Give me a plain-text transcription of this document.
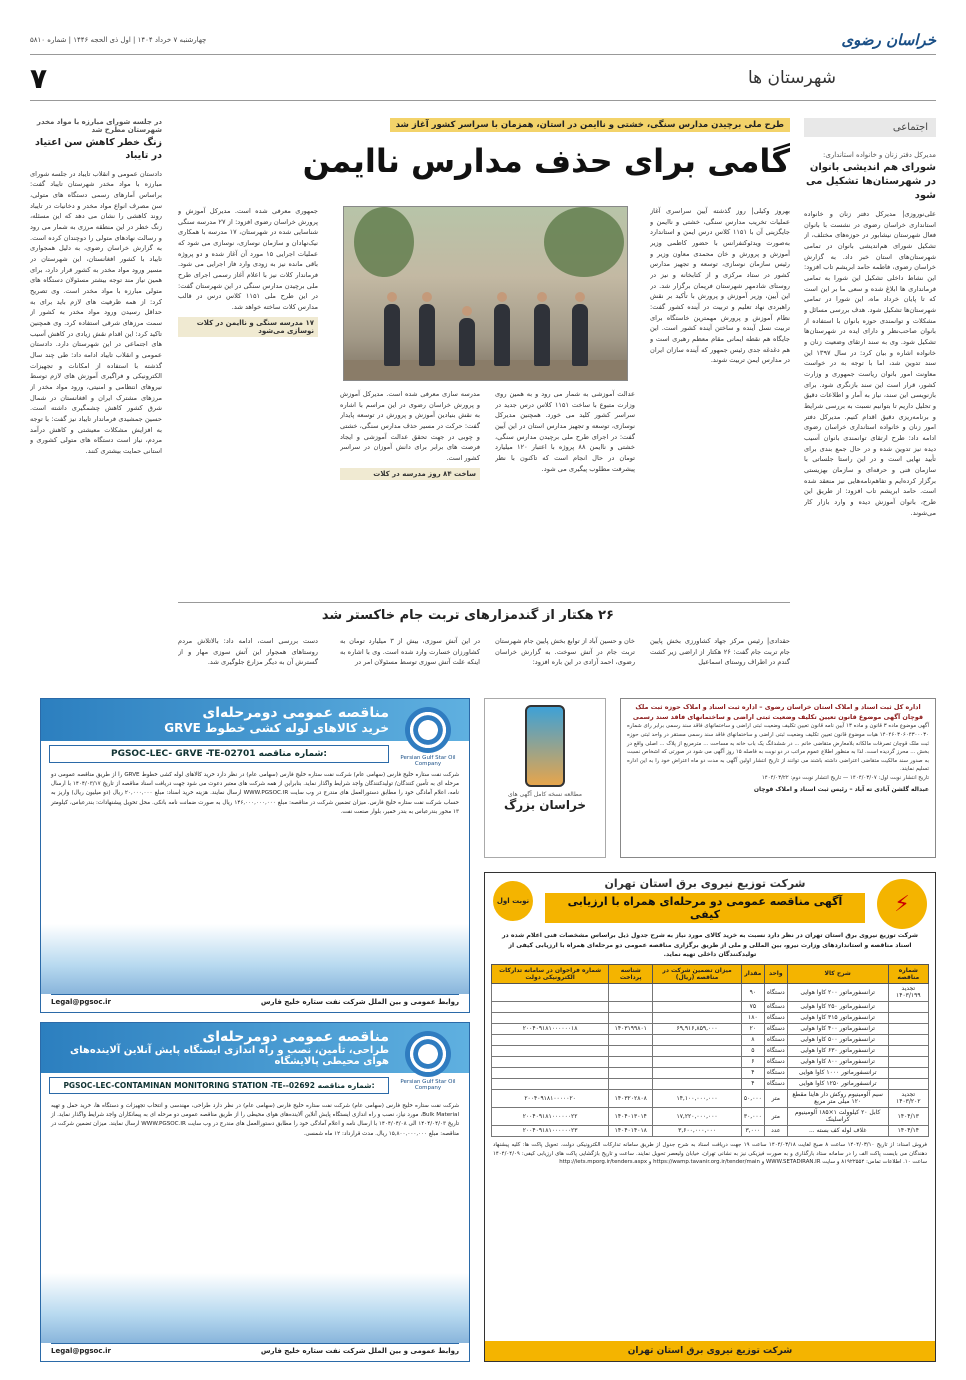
خراسان رضوی
چهارشنبه ۷ خرداد ۱۴۰۴ | اول ذی الحجه ۱۴۴۶ | شماره ۵۸۱۰
شهرستان ها
۷
اجتماعی
مدیرکل دفتر زنان و خانواده استانداری:
شورای هم اندیشی بانوان در شهرستان‌ها تشکیل می شود

علی‌نوروزی| مدیرکل دفتر زنان و خانواده استانداری خراسان رضوی در نشست با بانوان فعال شهرستان نیشابور در حوزه‌های مختلف، از تشکیل شورای هم‌اندیشی بانوان در تمامی شهرستان‌های استان خبر داد. به گزارش خراسان رضوی، فاطمه حامد ابریشم تاب افزود: این نشاط داخلی تشکیل این شورا به تمامی فرمانداری ها ابلاغ شده و سعی ما بر این است که تا پایان خرداد ماه، این شورا در تمامی شهرستان‌ها تشکیل شود. هدف بررسی مسائل و مشکلات و توانمندی حوزه بانوان با استفاده از بانوان صاحب‌نظر و دارای ایده در شهرستان‌ها تشکیل شود. وی به سند ارتقای وضعیت زنان و خانواده اشاره و بیان کرد: در سال ۱۳۹۷ این سند تدوین شد، اما با توجه به در خواست معاونت امور بانوان ریاست جمهوری و وزارت کشور، قرار است این سند بازنگری شود. برای بازنویسی این سند، نیاز به آمار و اطلاعات دقیق و تحلیل داریم تا بتوانیم نسبت به بررسی شرایط و برنامه‌ریزی دقیق اقدام کنیم. مدیرکل دفتر امور زنان و خانواده استانداری خراسان رضوی ادامه داد: طرح ارتقای توانمندی بانوان آسیب دیده نیز تدوین شده و در حال جمع بندی برای تأیید نهایی است و در این راستا جلساتی با سازمان فنی و حرفه‌ای و سازمان بهزیستی برگزار کرده‌ایم و تفاهم‌نامه‌هایی نیز منعقد شده است. حامد ابریشم تاب افزود: از طریق این طرح، بانوان آموزش دیده و وارد بازار کار می‌شوند.

در جلسه شورای مبارزه با مواد مخدر شهرستان مطرح شد
زنگ خطر کاهش سن اعتیاد در تایباد

دادستان عمومی و انقلاب تایباد در جلسه شورای مبارزه با مواد مخدر شهرستان تایباد گفت: براساس آمارهای رسمی دستگاه های متولی، سن مصرف انواع مواد مخدر و دخانیات در تایباد روند کاهشی را نشان می دهد که این مسئله، زنگ خطر در این منطقه مرزی به شمار می رود و رسالت نهادهای متولی را دوچندان کرده است. به گزارش خراسان رضوی، به دلیل همجواری تایباد با کشور افغانستان، این شهرستان در مسیر ورود مواد مخدر به کشور قرار دارد، برای همین نیاز مند توجه بیشتر مسئولان دستگاه های متولی مبارزه با مواد مخدر است. وی تصریح کرد: از همه ظرفیت های لازم باید برای به حداقل رسیدن ورود مواد مخدر به کشور از سمت مرزهای شرقی استفاده کرد. وی همچنین تاکید کرد: این اقدام نقش زیادی در کاهش آسیب های اجتماعی در این شهرستان دارد. دادستان عمومی و انقلاب تایباد ادامه داد: طی چند سال گذشته با استفاده از امکانات و تجهیزات الکترونیکی و فراگیری آموزش های لازم توسط نیروهای انتظامی و امنیتی، ورود مواد مخدر از مرزهای مشترک ایران و افغانستان در شمال شرق کشور کاهش چشمگیری داشته است. حسین جمشیدی فرماندار تایباد نیز گفت: با توجه به افزایش مشکلات معیشتی و کاهش درآمد مردم، نیاز است دستگاه های متولی کشوری و استانی حمایت بیشتری کنند.

طرح ملی برچیدن مدارس سنگی، خشتی و ناایمن در استان، همزمان با سراسر کشور آغاز شد
گامی برای حذف مدارس ناایمن

بهروز وکیلی| روز گذشته آیین سراسری آغاز عملیات تخریب مدارس سنگی، خشتی و ناایمن و جایگزینی آن با ۱۱۵۱ کلاس درس ایمن و استاندارد به‌صورت ویدئوکنفرانس با حضور کاظمی وزیر آموزش و پرورش و خان محمدی معاون وزیر و رئیس سازمان نوسازی، توسعه و تجهیز مدارس کشور در ستاد مرکزی و از کتابخانه و نیز در روستای شادمهر شهرستان فریمان برگزار شد. در این آیین، وزیر آموزش و پرورش با تأکید بر نقش راهبردی نهاد تعلیم و تربیت در آینده کشور گفت: نظام آموزش و پرورش مهمترین خاستگاه برای تربیت نسل آینده و ساختن آینده کشور است. این جایگاه هم نقطه ایمانی مقام معظم رهبری است و هم دغدغه جدی رئیس جمهور که آینده سازان ایران در مدارس ایمن تربیت شوند.

عدالت آموزشی به شمار می رود و به همین روی وزارت متبوع با ساخت ۱۱۵۱ کلاس درس جدید در سراسر کشور کلید می خورد. همچنین مدیرکل نوسازی، توسعه و تجهیز مدارس استان در این آیین گفت: در اجرای طرح ملی برچیدن مدارس سنگی، خشتی و ناایمن ۸۸ پروژه با اعتبار ۱۲۰ میلیارد تومان در حال انجام است که تاکنون با نظر پیشرفت مطلوب پیگیری می شود.

مدرسه سازی معرفی شده است. مدیرکل آموزش و پرورش خراسان رضوی در این مراسم با اشاره به نقش بنیادین آموزش و پرورش در توسعه پایدار گفت: حرکت در مسیر حذف مدارس سنگی، خشتی و چوبی در جهت تحقق عدالت آموزشی و ایجاد فرصت های برابر برای دانش آموزان در سراسر کشور است.

ساخت ۸۴ روز مدرسه در کلات

جمهوری معرفی شده است. مدیرکل آموزش و پرورش خراسان رضوی افزود: از ۲۷ مدرسه سنگی شناسایی شده در شهرستان، ۱۷ مدرسه با همکاری نیک‌نهادان و سازمان نوسازی، نوسازی می شود که عملیات اجرایی ۱۵ مورد آن آغاز شده و دو پروژه باقی مانده نیز به زودی وارد فاز اجرایی می شود. فرماندار کلات نیز با اعلام آغاز رسمی اجرای طرح ملی برچیدن مدارس سنگی در این شهرستان گفت: در این طرح ملی ۱۱۵۱ کلاس درس در قالب مدارس کلات ساخته خواهد شد.

۱۷ مدرسه سنگی و ناایمن در کلات نوسازی می‌شود
۲۶ هکتار از گندمزارهای تربت جام خاکستر شد

حقدادی| رئیس مرکز جهاد کشاورزی بخش پایین جام تربت جام گفت: ۲۶ هکتار از اراضی زیر کشت گندم در اطراف روستای اسماعیل

خان و حسین آباد از توابع بخش پایین جام شهرستان تربت جام در آتش سوخت. به گزارش خراسان رضوی، احمد آزادی در این باره افزود:

در این آتش سوزی، بیش از ۳ میلیارد تومان به کشاورزان خسارت وارد شده است. وی با اشاره به اینکه علت آتش سوزی توسط مسئولان امر در

دست بررسی است، ادامه داد: بالاتلاش مردم روستاهای همجوار این آتش سوزی مهار و از گسترش آن به دیگر مزارع جلوگیری شد.

Persian Gulf Star Oil Company
مناقصه عمومی دومرحله‌ای
خرید کالاهای لوله کشی خطوط GRVE
PGSOC-LEC- GRVE -TE-02701 شماره مناقصه:

شرکت نفت ستاره خلیج فارس (سهامی عام) شرکت نفت ستاره خلیج فارس (سهامی عام) در نظر دارد خرید کالاهای لوله کشی خطوط GRVE را از طریق مناقصه عمومی دو مرحله ای به تأمین کنندگان/ تولیدکنندگان واجد شرایط واگذار نماید. بنابراین از همه شرکت های معتبر دعوت می شود جهت دریافت اسناد مناقصه از تاریخ ۱۴۰۴/۰۳/۱۷ با ارسال نامه، اعلام آمادگی خود را مطابق دستورالعمل های مندرج در وب سایت WWW.PGSOC.IR ارسال نمایند. هزینه خرید اسناد: مبلغ ۲۰,۰۰۰,۰۰۰ ریال (دو میلیون ریال) واریز به حساب شرکت نفت ستاره خلیج فارس. میزان تضمین شرکت در مناقصه: مبلغ ۱۴۶,۰۰۰,۰۰۰,۰۰۰ ریال به صورت ضمانت نامه بانکی. محل تحویل پیشنهادات: بندرعباس، کیلومتر ۱۳ محور بندرعباس به بندر خمیر، بلوار صنعت نفت.

روابط عمومی و بین الملل شرکت نفت ستاره خلیج فارس
Legal@pgsoc.ir
Persian Gulf Star Oil Company
مناقصه عمومی دومرحله‌ای
طراحی، تأمین، نصب و راه اندازی ایستگاه پایش آنلاین آلاینده‌های هوای محیطی پالایشگاه
PGSOC-LEC-CONTAMINAN MONITORING STATION -TE--02692 شماره مناقصه:

شرکت نفت ستاره خلیج فارس (سهامی عام) شرکت نفت ستاره خلیج فارس (سهامی عام) در نظر دارد طراحی، مهندسی و انتخاب تجهیزات و دستگاه ها، خرید حمل و تهیه Bulk Material، مورد نیاز، نصب و راه اندازی ایستگاه پایش آنلاین آلاینده‌های هوای محیطی را از طریق مناقصه عمومی دو مرحله ای به پیمانکاران واجد شرایط واگذار نماید. از تاریخ ۱۴۰۴/۰۴/۰۳ الی ۱۴۰۴/۰۴/۰۸ با ارسال نامه و اعلام آمادگی خود را مطابق دستورالعمل های مندرج در وب سایت WWW.PGSOC.IR ارسال نمایند. میزان تضمین شرکت در مناقصه: مبلغ ۱۵,۸۰۰,۰۰۰,۰۰۰ ریال. مدت قرارداد: ۱۲ ماه شمسی.

روابط عمومی و بین الملل شرکت نفت ستاره خلیج فارس
Legal@pgsoc.ir
مطالعه نسخه کامل آگهی های
خراسان بزرگ
اداره کل ثبت اسناد و املاک استان خراسان رضوی – اداره ثبت اسناد و املاک حوزه ثبت ملک قوچان آگهی موضوع قانون تعیین تکلیف وضعیت ثبتی اراضی و ساختمانهای فاقد سند رسمی

آگهی موضوع ماده ۳ قانون و ماده ۱۳ آیین نامه قانون تعیین تکلیف وضعیت ثبتی اراضی و ساختمانهای فاقد سند رسمی برابر رای شماره ۱۴۰۴۶۰۳۰۶۰۴۳۰۰۰۳۰ هیات موضوع قانون تعیین تکلیف وضعیت ثبتی اراضی و ساختمانهای فاقد سند رسمی مستقر در واحد ثبتی حوزه ثبت ملک قوچان تصرفات مالکانه بلامعارض متقاضی خانم ... در ششدانگ یک باب خانه به مساحت ... مترمربع از پلاک ... اصلی واقع در بخش ... محرز گردیده است. لذا به منظور اطلاع عموم مراتب در دو نوبت به فاصله ۱۵ روز آگهی می شود در صورتی که اشخاص نسبت به صدور سند مالکیت متقاضی اعتراضی داشته باشند می توانند از تاریخ انتشار اولین آگهی به مدت دو ماه اعتراض خود را به این اداره تسلیم نمایند.

تاریخ انتشار نوبت اول: ۱۴۰۴/۰۳/۰۷ — تاریخ انتشار نوبت دوم: ۱۴۰۴/۰۳/۲۲

عبداله گلشن آبادی ته آباد – رئیس ثبت اسناد و املاک قوچان
⚡
نوبت اول
شرکت توزیع نیروی برق استان تهران
آگهی مناقصه عمومی دو مرحله‌ای همراه با ارزیابی کیفی

شرکت توزیع نیروی برق استان تهران در نظر دارد نسبت به خرید کالای مورد نیاز به شرح جدول ذیل براساس مشخصات فنی اعلام شده در اسناد مناقصه و استانداردهای وزارت نیرو، بین المللی و ملی از طریق برگزاری مناقصه عمومی دو مرحله‌ای همراه با ارزیابی کیفی از تولیدکنندگان داخلی تهیه نماید.

شماره مناقصه	شرح کالا	واحد	مقدار	میزان تضمین شرکت در مناقصه (ریال)	شناسه پرداخت	شماره فراخوان در سامانه تدارکات الکترونیکی دولت
تجدید ۱۴۰۳/۱۹۹	ترانسفورماتور ۲۰۰ کاوا هوایی	دستگاه	۹۰			
	ترانسفورماتور ۲۵۰ کاوا هوایی	دستگاه	۷۵			
	ترانسفورماتور ۳۱۵ کاوا هوایی	دستگاه	۱۸۰			
	ترانسفورماتور ۴۰۰ کاوا هوایی	دستگاه	۲۰	۶۹,۹۱۶,۸۵۹,۰۰۰	۱۴۰۳۱۹۹۸۰۱	۲۰۰۴۰۹۱۸۱۰۰۰۰۰۰۱۸
	ترانسفورماتور ۵۰۰ کاوا هوایی	دستگاه	۸			
	ترانسفورماتور ۶۳۰ کاوا هوایی	دستگاه	۵			
	ترانسفورماتور ۸۰۰ کاوا هوایی	دستگاه	۶			
	ترانسفورماتور ۱۰۰۰ کاوا هوایی	دستگاه	۴			
	ترانسفورماتور ۱۲۵۰ کاوا هوایی	دستگاه	۴			
تجدید ۱۴۰۳/۲۰۲	سیم آلومینیوم روکش دار هاینا مقطع ۱۲۰ میلی متر مربع	متر	۵۰,۰۰۰	۱۴,۱۰۰,۰۰۰,۰۰۰	۱۴۰۳۲۰۲۸۰۸	۲۰۰۴۰۹۱۸۱۰۰۰۰۰۲۰
۱۴۰۴/۱۳	کابل ۲۰ کیلوولت ۱×۱۸۵ آلومینیوم کراسلینک	متر	۳۰,۰۰۰	۱۷,۲۲۰,۰۰۰,۰۰۰	۱۴۰۴۰۱۳۰۱۴	۲۰۰۴۰۹۱۸۱۰۰۰۰۰۰۲۲
۱۴۰۴/۱۴	غلاف لوله کف بسته ...	عدد	۳,۰۰۰	۳,۶۰۰,۰۰۰,۰۰۰	۱۴۰۴۰۱۴۰۱۸	۲۰۰۴۰۹۱۸۱۰۰۰۰۰۰۲۳

فروش اسناد: از تاریخ ۱۴۰۴/۰۳/۱۰ ساعت ۸ صبح لغایت ۱۴۰۴/۰۳/۱۸ ساعت ۱۹ جهت دریافت اسناد به شرح جدول از طریق سامانه تدارکات الکترونیکی دولت. تحویل پاکت ها: کلیه پیشنهاد دهندگان می بایست پاکت الف را در سامانه ستاد بارگذاری و به صورت فیزیکی نیز به نشانی تهران، خیابان ولیعصر تحویل نمایند. ساعت و تاریخ بازگشایی پاکت های ارزیابی کیفی: ۱۴۰۴/۰۴/۰۹ ساعت ۱۰. اطلاعات تماس: ۸۱۹۲۲۵۵۴ و سایت WWW.SETADIRAN.IR و https://wamp.tavanir.org.ir/tender/main و http://iets.mporg.ir/tenders.aspx

شرکت توزیع نیروی برق استان تهران
